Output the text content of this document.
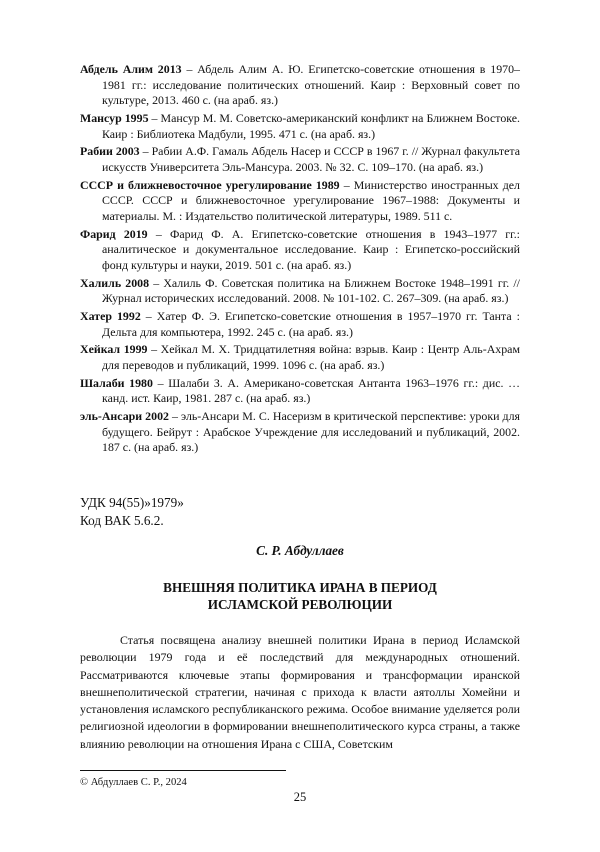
Абдель Алим 2013 – Абдель Алим А. Ю. Египетско-советские отношения в 1970–1981 гг.: исследование политических отношений. Каир : Верховный совет по культуре, 2013. 460 с. (на араб. яз.)

Мансур 1995 – Мансур М. М. Советско-американский конфликт на Ближнем Востоке. Каир : Библиотека Мадбули, 1995. 471 с. (на араб. яз.)

Рабии 2003 – Рабии А.Ф. Гамаль Абдель Насер и СССР в 1967 г. // Журнал факультета искусств Университета Эль-Мансура. 2003. № 32. С. 109–170. (на араб. яз.)

СССР и ближневосточное урегулирование 1989 – Министерство иностранных дел СССР. СССР и ближневосточное урегулирование 1967–1988: Документы и материалы. М. : Издательство политической литературы, 1989. 511 с.

Фарид 2019 – Фарид Ф. А. Египетско-советские отношения в 1943–1977 гг.: аналитическое и документальное исследование. Каир : Египетско-российский фонд культуры и науки, 2019. 501 с. (на араб. яз.)

Халиль 2008 – Халиль Ф. Советская политика на Ближнем Востоке 1948–1991 гг. // Журнал исторических исследований. 2008. № 101-102. С. 267–309. (на араб. яз.)

Хатер 1992 – Хатер Ф. Э. Египетско-советские отношения в 1957–1970 гг. Танта : Дельта для компьютера, 1992. 245 с. (на араб. яз.)

Хейкал 1999 – Хейкал М. Х. Тридцатилетняя война: взрыв. Каир : Центр Аль-Ахрам для переводов и публикаций, 1999. 1096 с. (на араб. яз.)

Шалаби 1980 – Шалаби З. А. Американо-советская Антанта 1963–1976 гг.: дис. … канд. ист. Каир, 1981. 287 с. (на араб. яз.)

эль-Ансари 2002 – эль-Ансари М. С. Насеризм в критической перспективе: уроки для будущего. Бейрут : Арабское Учреждение для исследований и публикаций, 2002. 187 с. (на араб. яз.)

УДК 94(55)»1979»
Код ВАК 5.6.2.
С. Р. Абдуллаев
ВНЕШНЯЯ ПОЛИТИКА ИРАНА В ПЕРИОД
ИСЛАМСКОЙ РЕВОЛЮЦИИ

Статья посвящена анализу внешней политики Ирана в период Исламской революции 1979 года и её последствий для международных отношений. Рассматриваются ключевые этапы формирования и трансформации иранской внешнеполитической стратегии, начиная с прихода к власти аятоллы Хомейни и установления исламского республиканского режима. Особое внимание уделяется роли религиозной идеологии в формировании внешнеполитического курса страны, а также влиянию революции на отношения Ирана с США, Советским

© Абдуллаев С. Р., 2024
25
